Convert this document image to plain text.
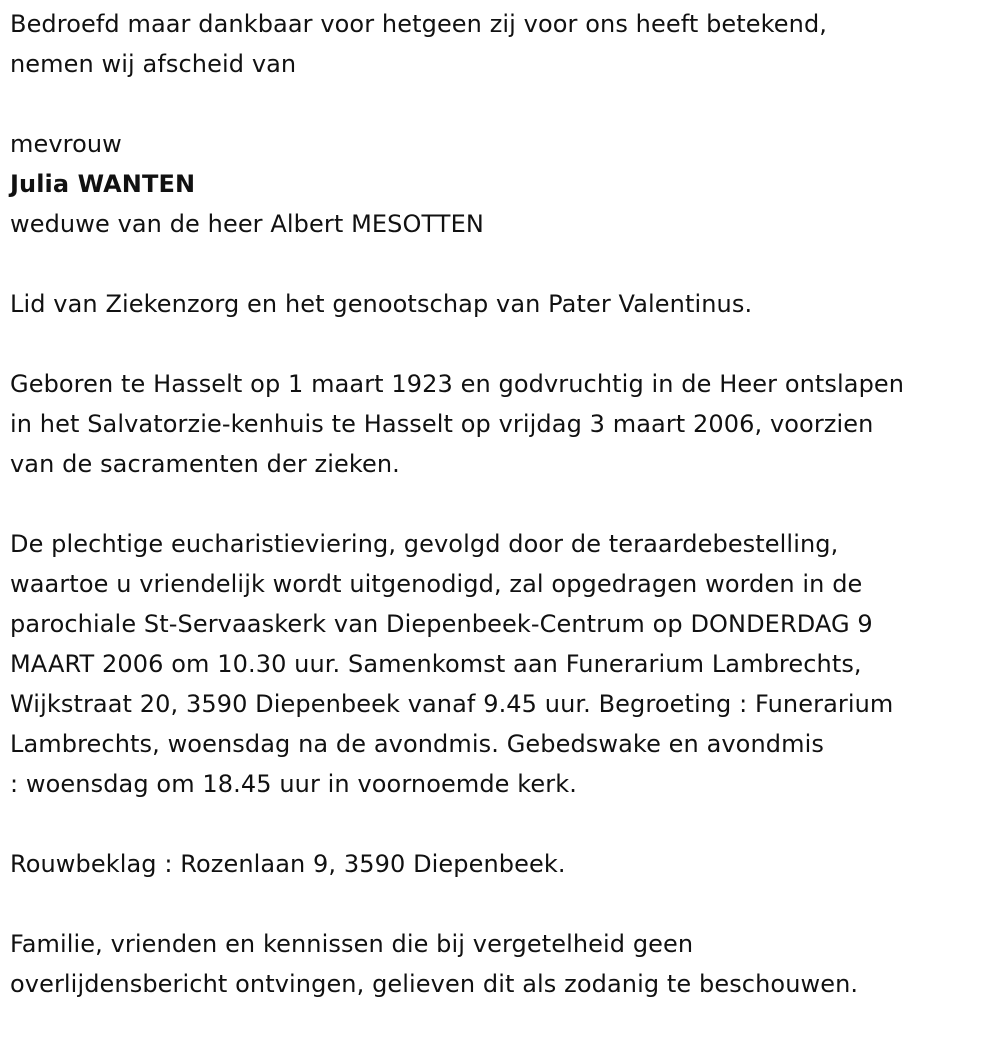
Bedroefd maar dankbaar voor hetgeen zij voor ons heeft betekend,
nemen wij afscheid van
mevrouw
Julia WANTEN
weduwe van de heer Albert MESOTTEN
Lid van Ziekenzorg en het genootschap van Pater Valentinus.
Geboren te Hasselt op 1 maart 1923 en godvruchtig in de Heer ontslapen
in het Salvatorzie-kenhuis te Hasselt op vrijdag 3 maart 2006, voorzien
van de sacramenten der zieken.
De plechtige eucharistieviering, gevolgd door de teraardebestelling,
waartoe u vriendelijk wordt uitgenodigd, zal opgedragen worden in de
parochiale St-Servaaskerk van Diepenbeek-Centrum op DONDERDAG 9
MAART 2006 om 10.30 uur. Samenkomst aan Funerarium Lambrechts,
Wijkstraat 20, 3590 Diepenbeek vanaf 9.45 uur. Begroeting : Funerarium
Lambrechts, woensdag na de avondmis. Gebedswake en avondmis
: woensdag om 18.45 uur in voornoemde kerk.
Rouwbeklag : Rozenlaan 9, 3590 Diepenbeek.
Familie, vrienden en kennissen die bij vergetelheid geen
overlijdensbericht ontvingen, gelieven dit als zodanig te beschouwen.
